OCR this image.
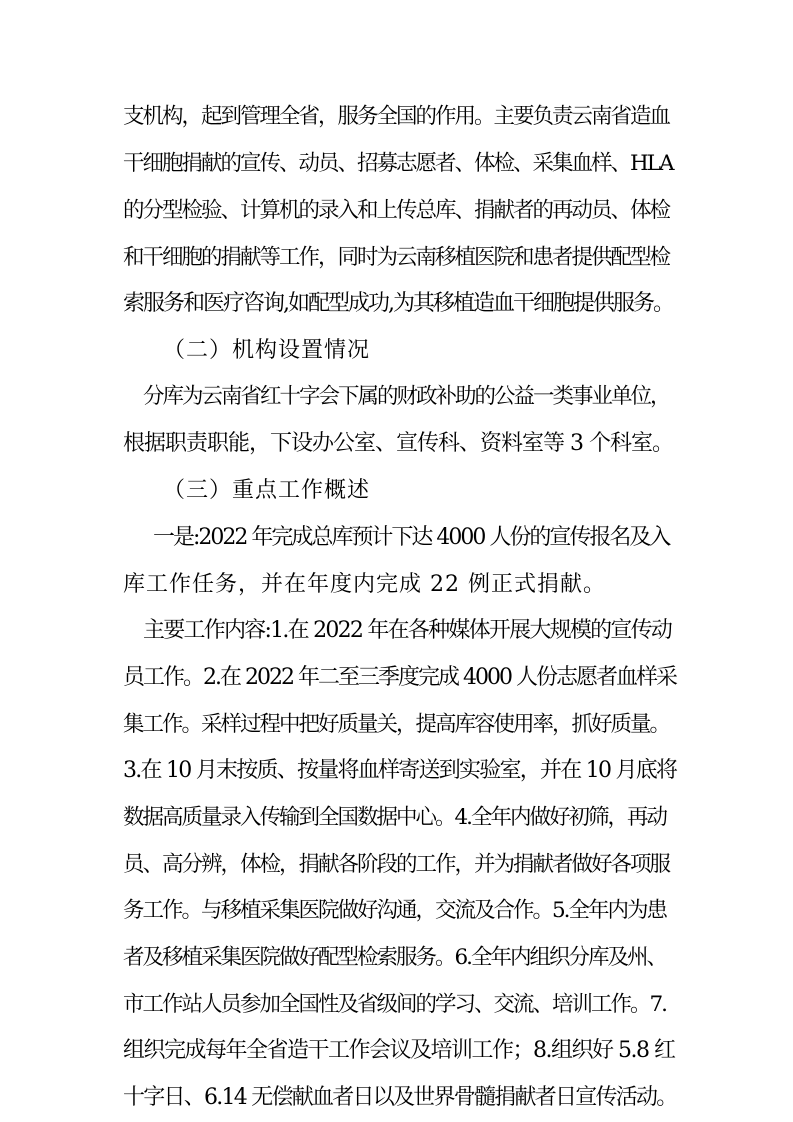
支机构，起到管理全省，服务全国的作用。主要负责云南省造血
干细胞捐献的宣传、动员、招募志愿者、体检、采集血样、HLA
的分型检验、计算机的录入和上传总库、捐献者的再动员、体检
和干细胞的捐献等工作，同时为云南移植医院和患者提供配型检
索服务和医疗咨询,如配型成功,为其移植造血干细胞提供服务。
（二）机构设置情况
分库为云南省红十字会下属的财政补助的公益一类事业单位，
根据职责职能，下设办公室、宣传科、资料室等 3 个科室。
（三）重点工作概述
一是:2022 年完成总库预计下达 4000 人份的宣传报名及入
库工作任务，并在年度内完成 22 例正式捐献。
主要工作内容:1.在 2022 年在各种媒体开展大规模的宣传动
员工作。2.在 2022 年二至三季度完成 4000 人份志愿者血样采
集工作。采样过程中把好质量关，提高库容使用率，抓好质量。
3.在 10 月末按质、按量将血样寄送到实验室，并在 10 月底将
数据高质量录入传输到全国数据中心。4.全年内做好初筛，再动
员、高分辨，体检，捐献各阶段的工作，并为捐献者做好各项服
务工作。与移植采集医院做好沟通，交流及合作。5.全年内为患
者及移植采集医院做好配型检索服务。6.全年内组织分库及州、
市工作站人员参加全国性及省级间的学习、交流、培训工作。7.
组织完成每年全省造干工作会议及培训工作；8.组织好 5.8 红
十字日、6.14 无偿献血者日以及世界骨髓捐献者日宣传活动。
